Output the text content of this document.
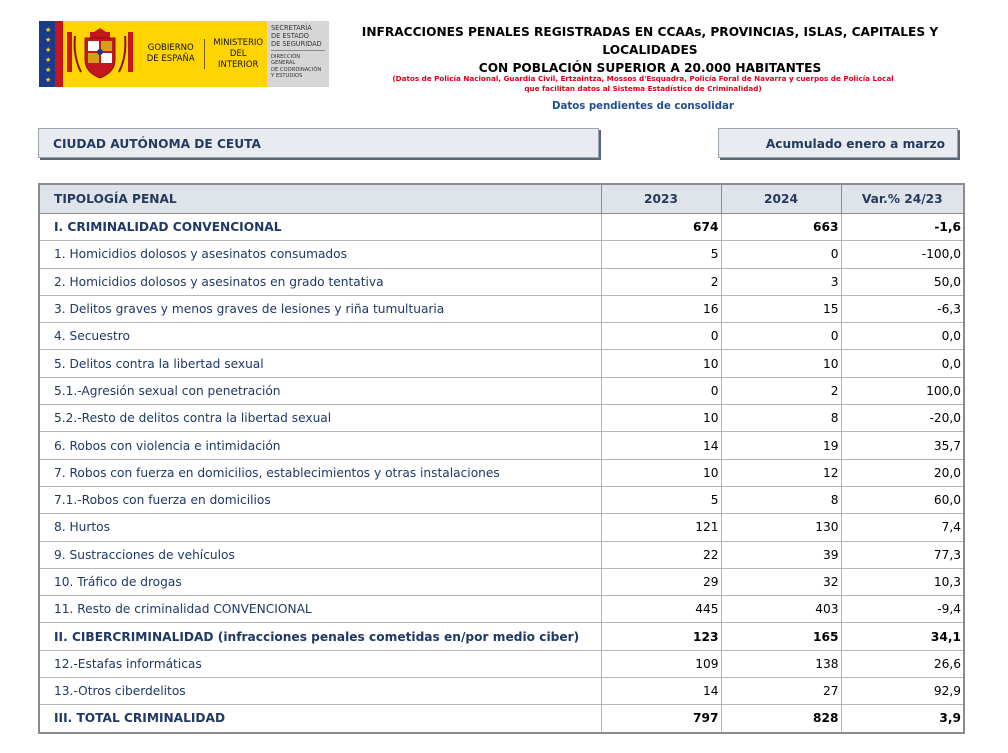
★
★
★
★
★
★
GOBIERNO
DE ESPAÑA
MINISTERIO
DEL INTERIOR
SECRETARÍA
DE ESTADO
DE SEGURIDAD
DIRECCIÓN GENERAL
DE COORDINACIÓN
Y ESTUDIOS
INFRACCIONES PENALES REGISTRADAS EN CCAAs, PROVINCIAS, ISLAS, CAPITALES Y LOCALIDADES
CON POBLACIÓN SUPERIOR A 20.000 HABITANTES
(Datos de Policía Nacional, Guardia Civil, Ertzaintza, Mossos d'Esquadra, Policía Foral de Navarra y cuerpos de Policía Local
que facilitan datos al Sistema Estadístico de Criminalidad)
Datos pendientes de consolidar
CIUDAD AUTÓNOMA DE CEUTA	Acumulado enero a marzo
TIPOLOGÍA PENAL	2023	2024	Var.% 24/23
I. CRIMINALIDAD CONVENCIONAL	674	663	-1,6
1. Homicidios dolosos y asesinatos consumados	5	0	-100,0
2. Homicidios dolosos y asesinatos en grado tentativa	2	3	50,0
3. Delitos graves y menos graves de lesiones y riña tumultuaria	16	15	-6,3
4. Secuestro	0	0	0,0
5. Delitos contra la libertad sexual	10	10	0,0
5.1.-Agresión sexual con penetración	0	2	100,0
5.2.-Resto de delitos contra la libertad sexual	10	8	-20,0
6. Robos con violencia e intimidación	14	19	35,7
7. Robos con fuerza en domicilios, establecimientos y otras instalaciones	10	12	20,0
7.1.-Robos con fuerza en domicilios	5	8	60,0
8. Hurtos	121	130	7,4
9. Sustracciones de vehículos	22	39	77,3
10. Tráfico de drogas	29	32	10,3
11. Resto de criminalidad CONVENCIONAL	445	403	-9,4
II. CIBERCRIMINALIDAD (infracciones penales cometidas en/por medio ciber)	123	165	34,1
12.-Estafas informáticas	109	138	26,6
13.-Otros ciberdelitos	14	27	92,9
III. TOTAL CRIMINALIDAD	797	828	3,9
